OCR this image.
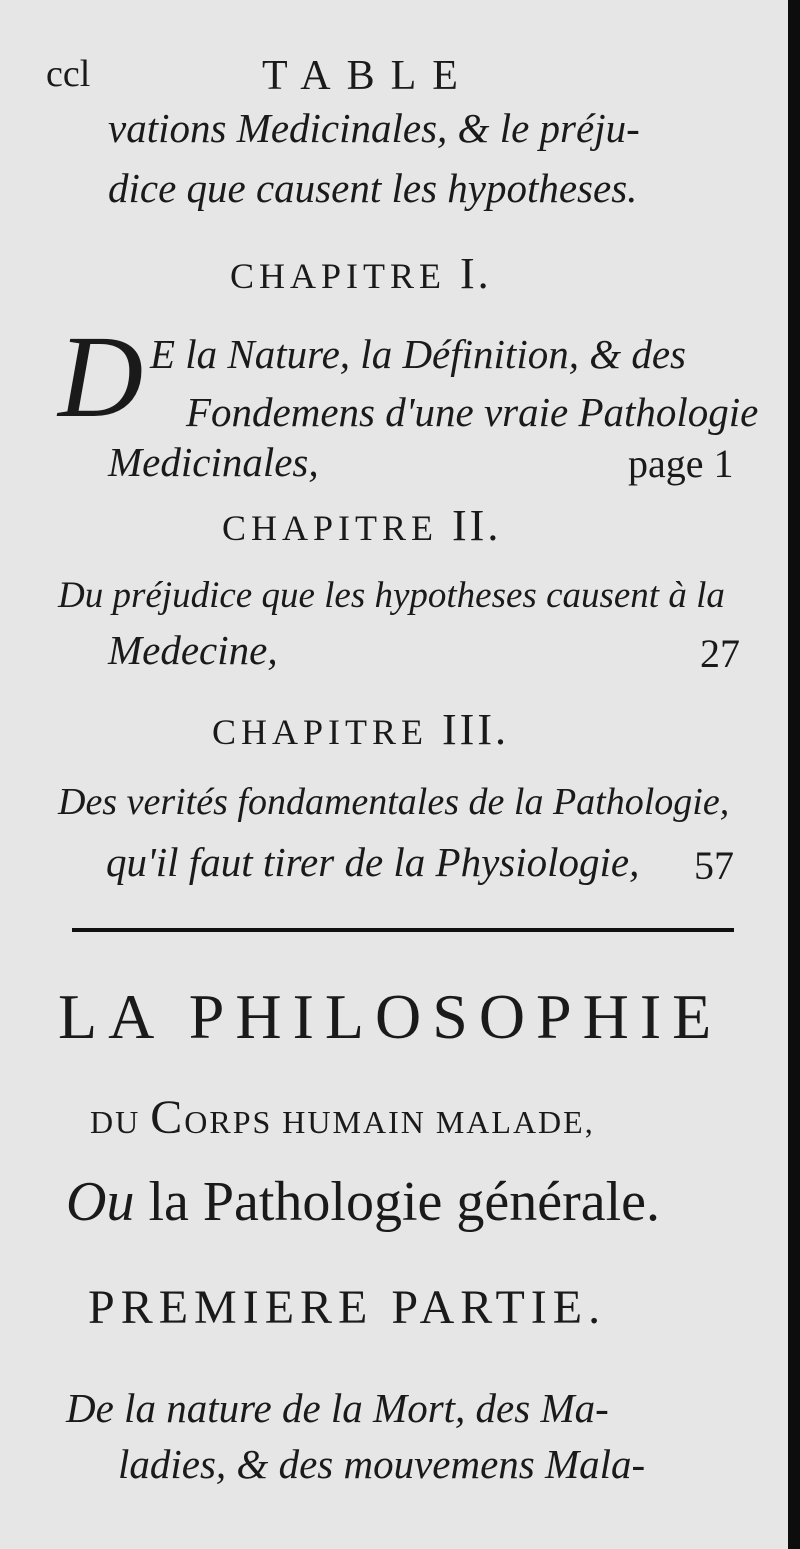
ccl	TABLE
vations Medicinales, & le préju-
dice que causent les hypotheses.
CHAPITRE I.
D E la Nature, la Définition, & des
Fondemens d'une vraie Pathologie
Medicinales,	page 1
CHAPITRE II.
Du préjudice que les hypotheses causent à la
Medecine,	27
CHAPITRE III.
Des verités fondamentales de la Pathologie,
qu'il faut tirer de la Physiologie, 57
LA PHILOSOPHIE
DU CORPS HUMAIN MALADE,
Ou la Pathologie générale.
PREMIERE PARTIE.
De la nature de la Mort, des Ma-
ladies, & des mouvemens Mala-
